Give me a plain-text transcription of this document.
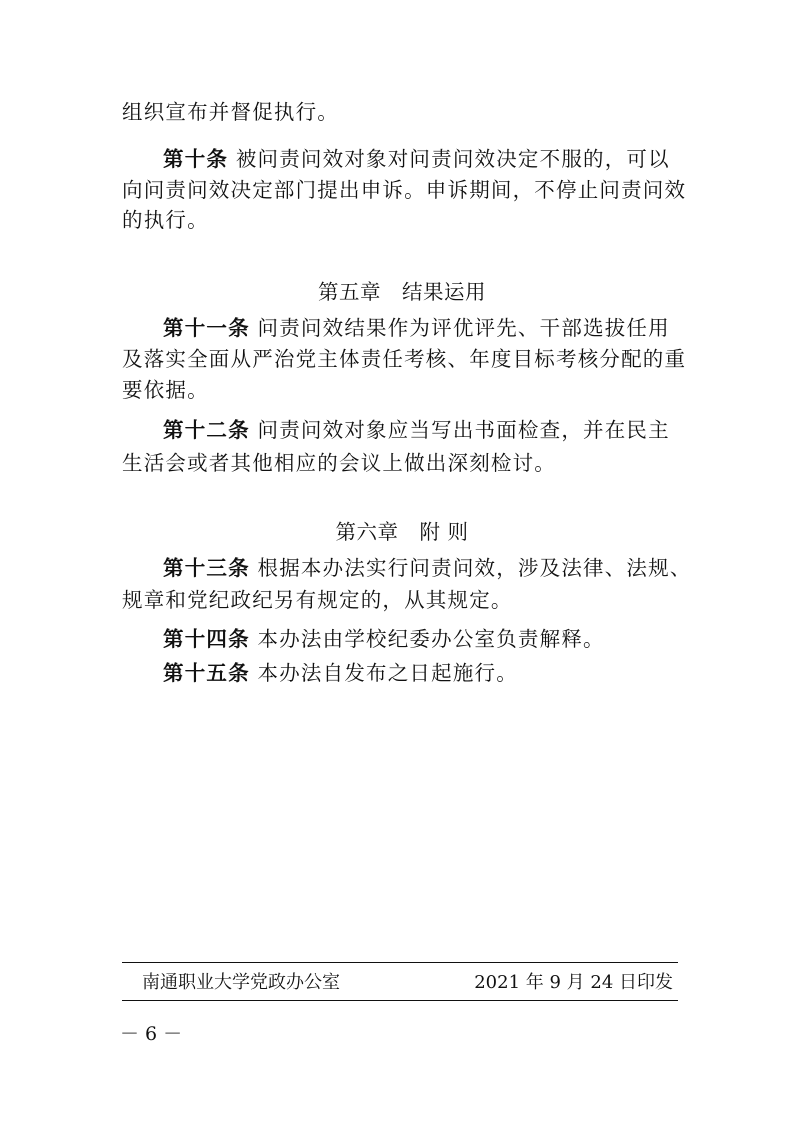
组织宣布并督促执行。
第十条 被问责问效对象对问责问效决定不服的，可以
向问责问效决定部门提出申诉。申诉期间，不停止问责问效
的执行。
第五章　结果运用
第十一条 问责问效结果作为评优评先、干部选拔任用
及落实全面从严治党主体责任考核、年度目标考核分配的重
要依据。
第十二条 问责问效对象应当写出书面检查，并在民主
生活会或者其他相应的会议上做出深刻检讨。
第六章　附 则
第十三条 根据本办法实行问责问效，涉及法律、法规、
规章和党纪政纪另有规定的，从其规定。
第十四条 本办法由学校纪委办公室负责解释。
第十五条 本办法自发布之日起施行。
南通职业大学党政办公室	2021 年 9 月 24 日印发
－ 6 －
